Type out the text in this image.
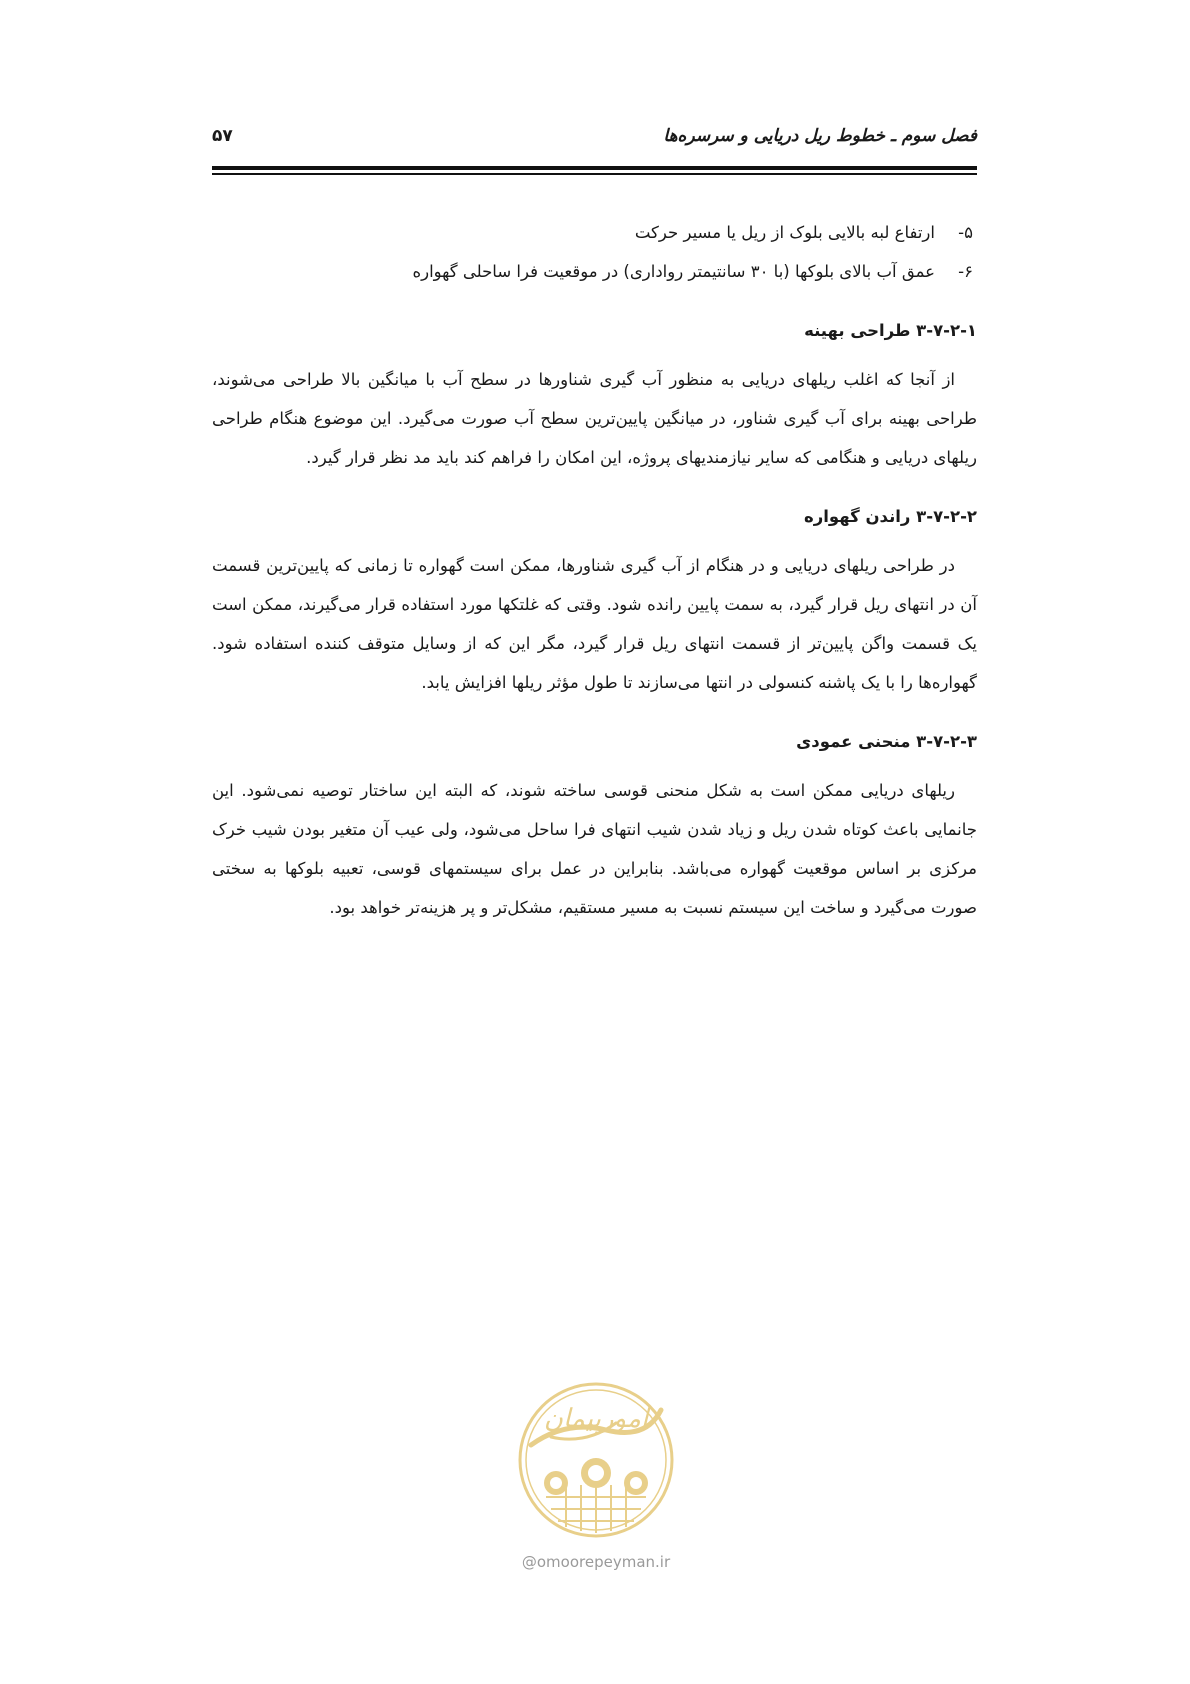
فصل سوم ـ خطوط ریل دریایی و سرسره‌ها
۵۷

۵-ارتفاع لبه بالایی بلوک از ریل یا مسیر حرکت

۶-عمق آب بالای بلوکها (با ۳۰ سانتیمتر رواداری) در موقعیت فرا ساحلی گهواره

۳-۷-۲-۱ طراحی بهینه

از آنجا که اغلب ریلهای دریایی به منظور آب گیری شناورها در سطح آب با میانگین بالا طراحی می‌شوند، طراحی بهینه برای آب گیری شناور، در میانگین پایین‌ترین سطح آب صورت می‌گیرد. این موضوع هنگام طراحی ریلهای دریایی و هنگامی که سایر نیازمندیهای پروژه، این امکان را فراهم کند باید مد نظر قرار گیرد.

۳-۷-۲-۲ راندن گهواره

در طراحی ریلهای دریایی و در هنگام از آب گیری شناورها، ممکن است گهواره تا زمانی که پایین‌ترین قسمت آن در انتهای ریل قرار گیرد، به سمت پایین رانده شود. وقتی که غلتکها مورد استفاده قرار می‌گیرند، ممکن است یک قسمت واگن پایین‌تر از قسمت انتهای ریل قرار گیرد، مگر این که از وسایل متوقف کننده استفاده شود. گهواره‌ها را با یک پاشنه کنسولی در انتها می‌سازند تا طول مؤثر ریلها افزایش یابد.

۳-۷-۲-۳ منحنی عمودی

ریلهای دریایی ممکن است به شکل منحنی قوسی ساخته شوند، که البته این ساختار توصیه نمی‌شود. این جانمایی باعث کوتاه شدن ریل و زیاد شدن شیب انتهای فرا ساحل می‌شود، ولی عیب آن متغیر بودن شیب خرک مرکزی بر اساس موقعیت گهواره می‌باشد. بنابراین در عمل برای سیستمهای قوسی، تعبیه بلوکها به سختی صورت می‌گیرد و ساخت این سیستم نسبت به مسیر مستقیم، مشکل‌تر و پر هزینه‌تر خواهد بود.

امورپیمان
@omoorepeyman.ir
